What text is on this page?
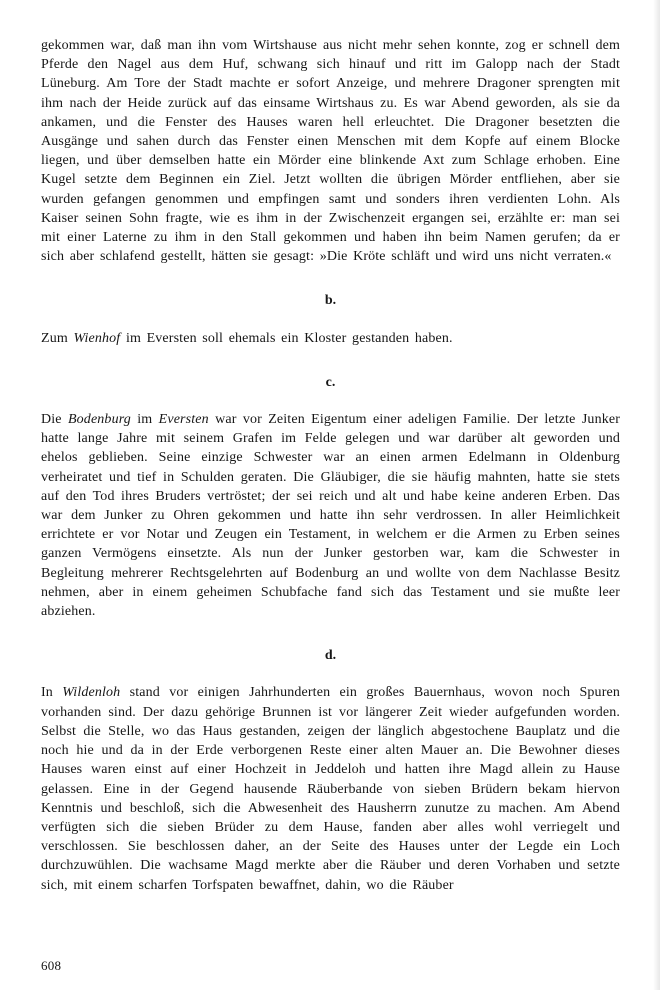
gekommen war, daß man ihn vom Wirtshause aus nicht mehr sehen konnte, zog er schnell dem Pferde den Nagel aus dem Huf, schwang sich hinauf und ritt im Galopp nach der Stadt Lüneburg. Am Tore der Stadt machte er sofort Anzeige, und mehrere Dragoner sprengten mit ihm nach der Heide zurück auf das einsame Wirtshaus zu. Es war Abend geworden, als sie da ankamen, und die Fenster des Hauses waren hell erleuchtet. Die Dragoner besetzten die Ausgänge und sahen durch das Fenster einen Menschen mit dem Kopfe auf einem Blocke liegen, und über demselben hatte ein Mörder eine blinkende Axt zum Schlage erhoben. Eine Kugel setzte dem Beginnen ein Ziel. Jetzt wollten die übrigen Mörder entfliehen, aber sie wurden gefangen genommen und empfingen samt und sonders ihren verdienten Lohn. Als Kaiser seinen Sohn fragte, wie es ihm in der Zwischenzeit ergangen sei, erzählte er: man sei mit einer Laterne zu ihm in den Stall gekommen und haben ihn beim Namen gerufen; da er sich aber schlafend gestellt, hätten sie gesagt: »Die Kröte schläft und wird uns nicht verraten.«

b.

Zum Wienhof im Eversten soll ehemals ein Kloster gestanden haben.

c.

Die Bodenburg im Eversten war vor Zeiten Eigentum einer adeligen Familie. Der letzte Junker hatte lange Jahre mit seinem Grafen im Felde gelegen und war darüber alt geworden und ehelos geblieben. Seine einzige Schwester war an einen armen Edelmann in Oldenburg verheiratet und tief in Schulden geraten. Die Gläubiger, die sie häufig mahnten, hatte sie stets auf den Tod ihres Bruders vertröstet; der sei reich und alt und habe keine anderen Erben. Das war dem Junker zu Ohren gekommen und hatte ihn sehr verdrossen. In aller Heimlichkeit errichtete er vor Notar und Zeugen ein Testament, in welchem er die Armen zu Erben seines ganzen Vermögens einsetzte. Als nun der Junker gestorben war, kam die Schwester in Begleitung mehrerer Rechtsgelehrten auf Bodenburg an und wollte von dem Nachlasse Besitz nehmen, aber in einem geheimen Schubfache fand sich das Testament und sie mußte leer abziehen.

d.

In Wildenloh stand vor einigen Jahrhunderten ein großes Bauernhaus, wovon noch Spuren vorhanden sind. Der dazu gehörige Brunnen ist vor längerer Zeit wieder aufgefunden worden. Selbst die Stelle, wo das Haus gestanden, zeigen der länglich abgestochene Bauplatz und die noch hie und da in der Erde verborgenen Reste einer alten Mauer an. Die Bewohner dieses Hauses waren einst auf einer Hochzeit in Jeddeloh und hatten ihre Magd allein zu Hause gelassen. Eine in der Gegend hausende Räuberbande von sieben Brüdern bekam hiervon Kenntnis und beschloß, sich die Abwesenheit des Hausherrn zunutze zu machen. Am Abend verfügten sich die sieben Brüder zu dem Hause, fanden aber alles wohl verriegelt und verschlossen. Sie beschlossen daher, an der Seite des Hauses unter der Legde ein Loch durchzuwühlen. Die wachsame Magd merkte aber die Räuber und deren Vorhaben und setzte sich, mit einem scharfen Torfspaten bewaffnet, dahin, wo die Räuber

608
